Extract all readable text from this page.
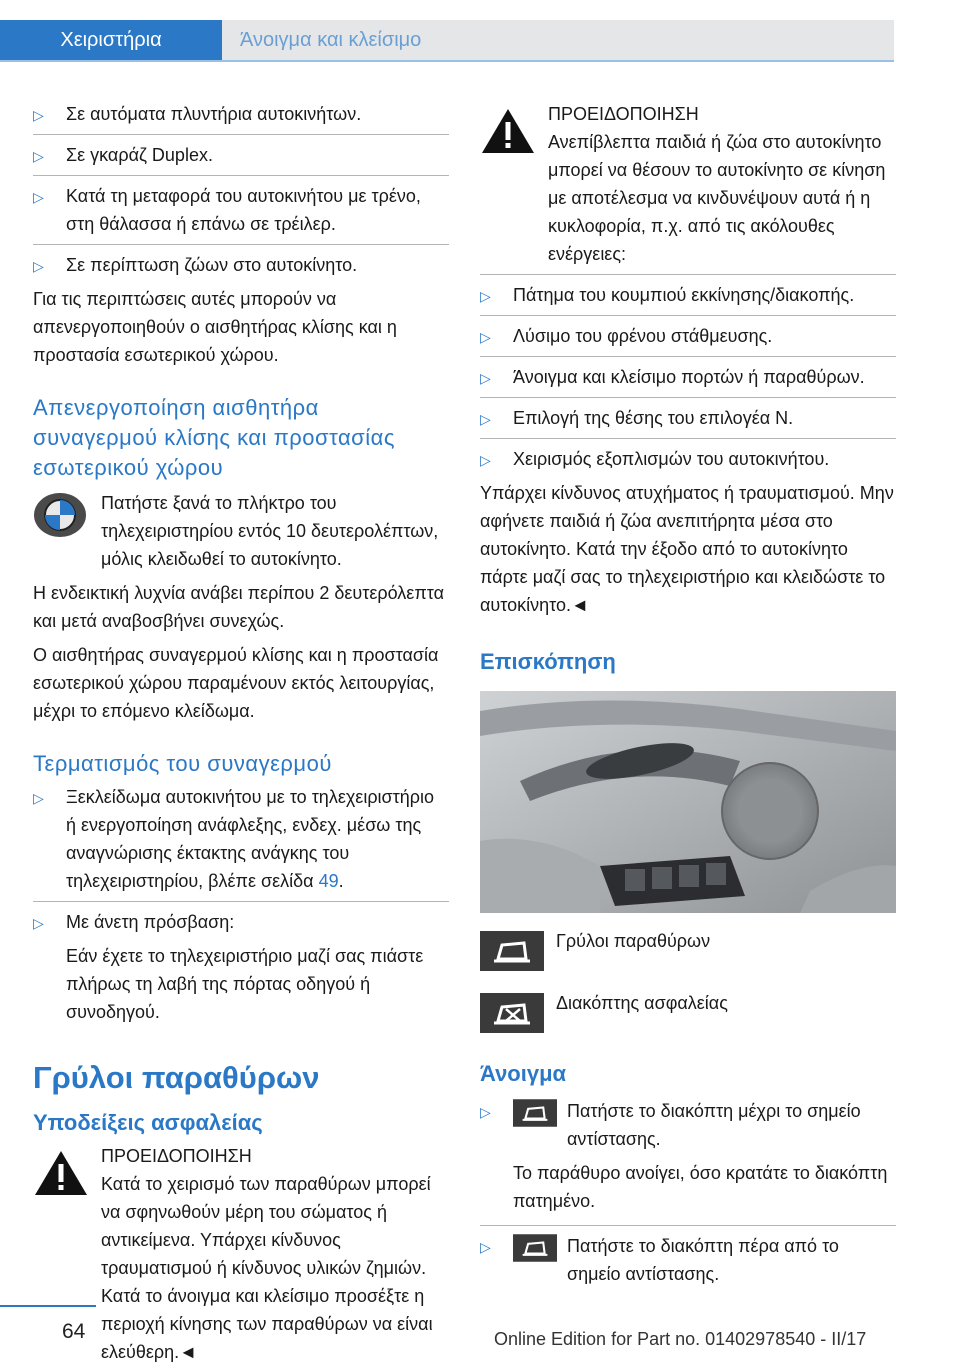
Χειριστήρια	Άνοιγμα και κλείσιμο
▷ Σε αυτόματα πλυντήρια αυτοκινήτων.
▷ Σε γκαράζ Duplex.
▷ Κατά τη μεταφορά του αυτοκινήτου με τρένο, στη θάλασσα ή επάνω σε τρέιλερ.
▷ Σε περίπτωση ζώων στο αυτοκίνητο.

Για τις περιπτώσεις αυτές μπορούν να απενεργοποιηθούν ο αισθητήρας κλίσης και η προστασία εσωτερικού χώρου.

Απενεργοποίηση αισθητήρα συναγερμού κλίσης και προστασίας εσωτερικού χώρου

Πατήστε ξανά το πλήκτρο του τηλεχειριστηρίου εντός 10 δευτερολέπτων, μόλις κλειδωθεί το αυτοκίνητο.

Η ενδεικτική λυχνία ανάβει περίπου 2 δευτερόλεπτα και μετά αναβοσβήνει συνεχώς.

Ο αισθητήρας συναγερμού κλίσης και η προστασία εσωτερικού χώρου παραμένουν εκτός λειτουργίας, μέχρι το επόμενο κλείδωμα.

Τερματισμός του συναγερμού
▷ Ξεκλείδωμα αυτοκινήτου με το τηλεχειριστήριο ή ενεργοποίηση ανάφλεξης, ενδεχ. μέσω της αναγνώρισης έκτακτης ανάγκης του τηλεχειριστηρίου, βλέπε σελίδα 49.
▷ Με άνετη πρόσβαση:
Εάν έχετε το τηλεχειριστήριο μαζί σας πιάστε πλήρως τη λαβή της πόρτας οδηγού ή συνοδηγού.
Γρύλοι παραθύρων
Υποδείξεις ασφαλείας
ΠΡΟΕΙΔΟΠΟΙΗΣΗ

Κατά το χειρισμό των παραθύρων μπορεί να σφηνωθούν μέρη του σώματος ή αντικείμενα. Υπάρχει κίνδυνος τραυματισμού ή κίνδυνος υλικών ζημιών. Κατά το άνοιγμα και κλείσιμο προσέξτε η περιοχή κίνησης των παραθύρων να είναι ελεύθερη.◄

ΠΡΟΕΙΔΟΠΟΙΗΣΗ

Ανεπίβλεπτα παιδιά ή ζώα στο αυτοκίνητο μπορεί να θέσουν το αυτοκίνητο σε κίνηση με αποτέλεσμα να κινδυνέψουν αυτά ή η κυκλοφορία, π.χ. από τις ακόλουθες ενέργειες:

▷ Πάτημα του κουμπιού εκκίνησης/διακοπής.
▷ Λύσιμο του φρένου στάθμευσης.
▷ Άνοιγμα και κλείσιμο πορτών ή παραθύρων.
▷ Επιλογή της θέσης του επιλογέα N.
▷ Χειρισμός εξοπλισμών του αυτοκινήτου.

Υπάρχει κίνδυνος ατυχήματος ή τραυματισμού. Μην αφήνετε παιδιά ή ζώα ανεπιτήρητα μέσα στο αυτοκίνητο. Κατά την έξοδο από το αυτοκίνητο πάρτε μαζί σας το τηλεχειριστήριο και κλειδώστε το αυτοκίνητο.◄

Επισκόπηση
Γρύλοι παραθύρων
Διακόπτης ασφαλείας
Άνοιγμα
▷	Πατήστε το διακόπτη μέχρι το σημείο αντίστασης.
Το παράθυρο ανοίγει, όσο κρατάτε το διακόπτη πατημένο.
▷	Πατήστε το διακόπτη πέρα από το σημείο αντίστασης.
64	Online Edition for Part no. 01402978540 - II/17
